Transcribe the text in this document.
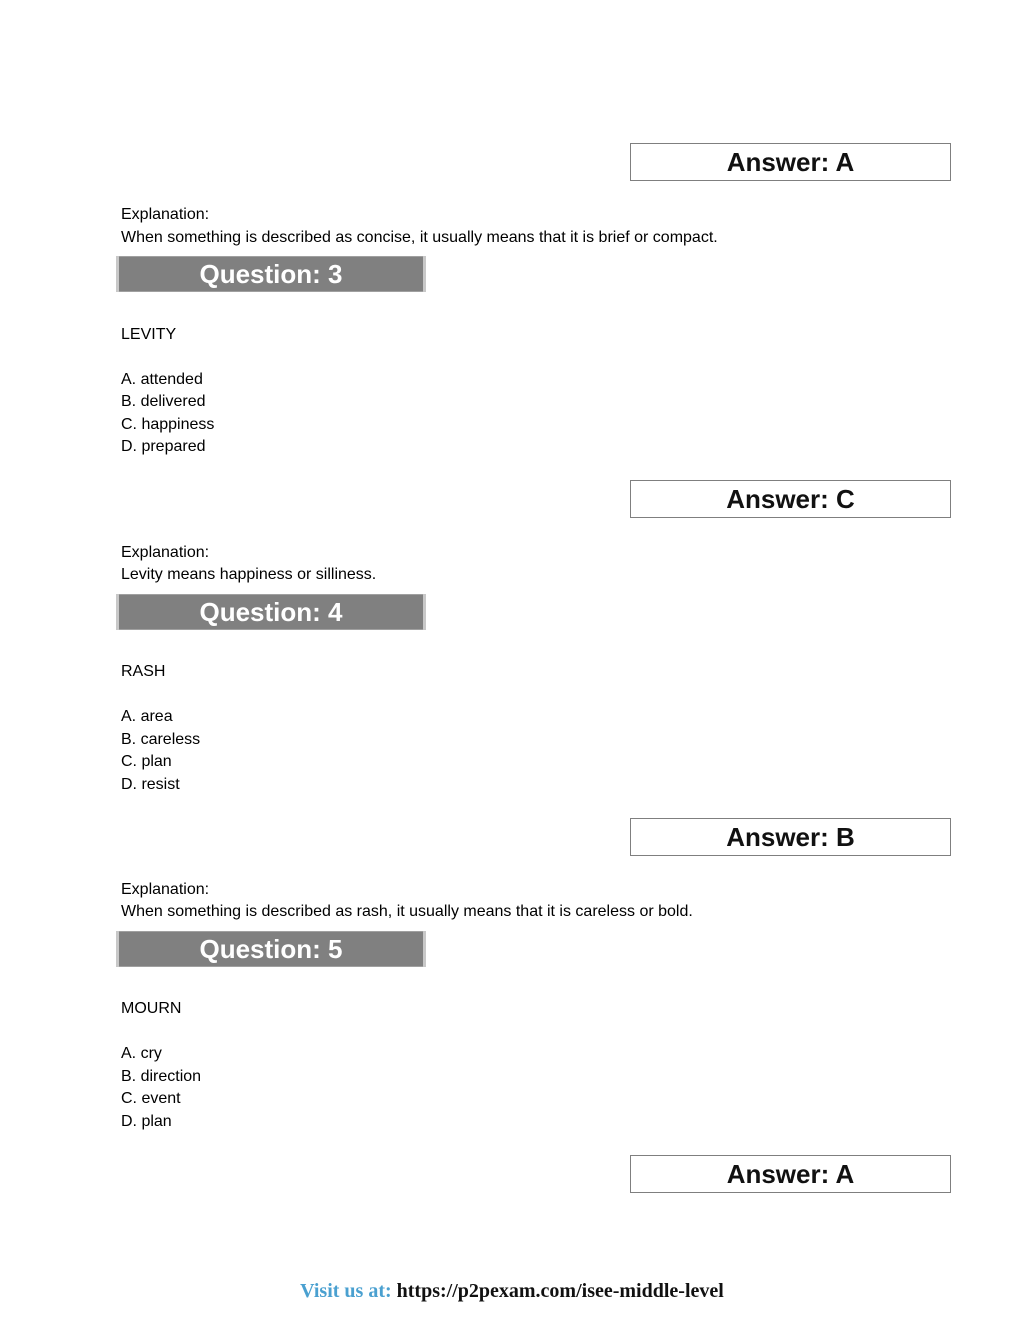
Answer: A
Explanation:
When something is described as concise, it usually means that it is brief or compact.
Question: 3
LEVITY
A. attended
B. delivered
C. happiness
D. prepared
Answer: C
Explanation:
Levity means happiness or silliness.
Question: 4
RASH
A. area
B. careless
C. plan
D. resist
Answer: B
Explanation:
When something is described as rash, it usually means that it is careless or bold.
Question: 5
MOURN
A. cry
B. direction
C. event
D. plan
Answer: A
Visit us at: https://p2pexam.com/isee-middle-level
